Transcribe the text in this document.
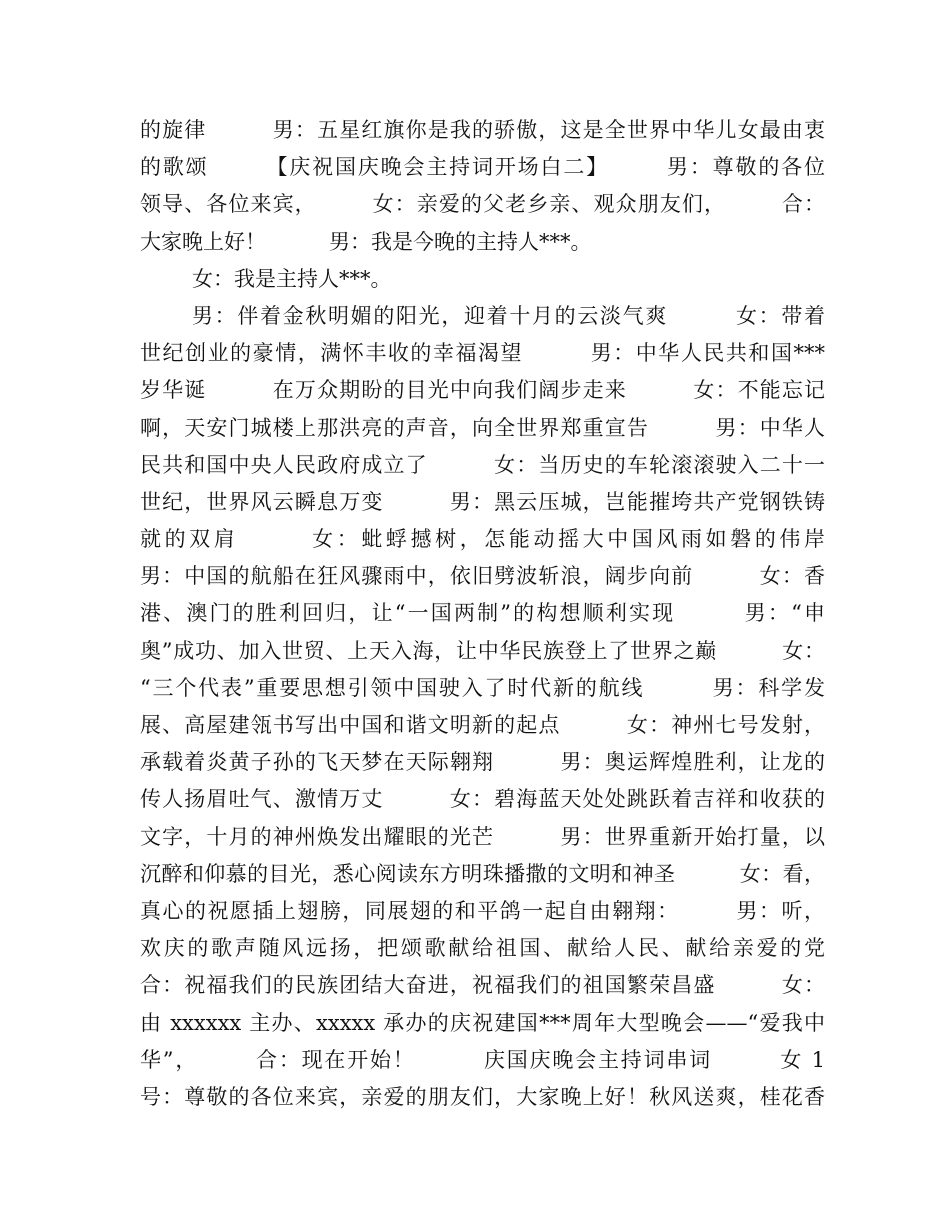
的旋律　　　男：五星红旗你是我的骄傲，这是全世界中华儿女最由衷
的歌颂　　　【庆祝国庆晚会主持词开场白二】　　　男：尊敬的各位
领导、各位来宾，　　　女：亲爱的父老乡亲、观众朋友们，　　　合：
大家晚上好！　　　男：我是今晚的主持人***。
女：我是主持人***。
男：伴着金秋明媚的阳光，迎着十月的云淡气爽　　　女：带着
世纪创业的豪情，满怀丰收的幸福渴望　　　男：中华人民共和国***
岁华诞　　　在万众期盼的目光中向我们阔步走来　　　女：不能忘记
啊，天安门城楼上那洪亮的声音，向全世界郑重宣告　　　男：中华人
民共和国中央人民政府成立了　　　女：当历史的车轮滚滚驶入二十一
世纪，世界风云瞬息万变　　　男：黑云压城，岂能摧垮共产党钢铁铸
就的双肩　　　女：蚍蜉撼树，怎能动摇大中国风雨如磐的伟岸
男：中国的航船在狂风骤雨中，依旧劈波斩浪，阔步向前　　　女：香
港、澳门的胜利回归，让“一国两制”的构想顺利实现　　　男：“申
奥”成功、加入世贸、上天入海，让中华民族登上了世界之巅　　　女：
“三个代表”重要思想引领中国驶入了时代新的航线　　　男：科学发
展、高屋建瓴书写出中国和谐文明新的起点　　　女：神州七号发射，
承载着炎黄子孙的飞天梦在天际翱翔　　　男：奥运辉煌胜利，让龙的
传人扬眉吐气、激情万丈　　　女：碧海蓝天处处跳跃着吉祥和收获的
文字，十月的神州焕发出耀眼的光芒　　　男：世界重新开始打量，以
沉醉和仰慕的目光，悉心阅读东方明珠播撒的文明和神圣　　　女：看，
真心的祝愿插上翅膀，同展翅的和平鸽一起自由翱翔：　　　男：听，
欢庆的歌声随风远扬，把颂歌献给祖国、献给人民、献给亲爱的党
合：祝福我们的民族团结大奋进，祝福我们的祖国繁荣昌盛　　　女：
由 xxxxxx 主办、xxxxx 承办的庆祝建国***周年大型晚会——“爱我中
华”，　　　合：现在开始！　　　庆国庆晚会主持词串词　　　女 1
号：尊敬的各位来宾，亲爱的朋友们，大家晚上好！秋风送爽，桂花香
